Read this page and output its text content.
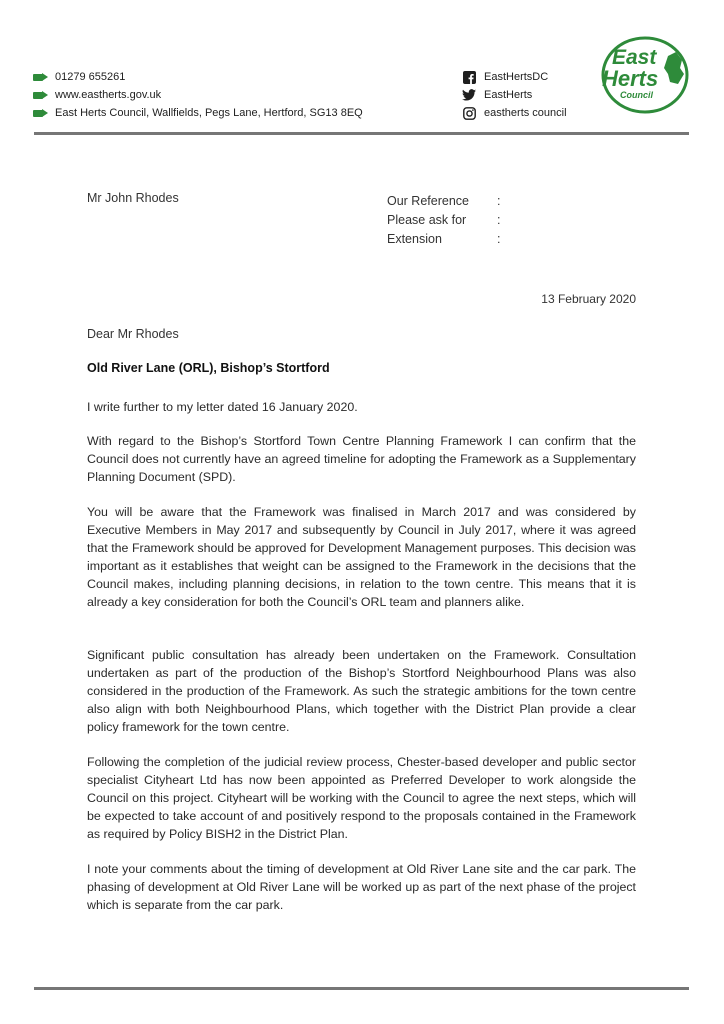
01279 655261
www.eastherts.gov.uk
East Herts Council, Wallfields, Pegs Lane, Hertford, SG13 8EQ
EastHertsDC
EastHerts
eastherts council
East
Herts
Council
Mr John Rhodes	Our Reference	:
Please ask for	:
Extension	:
13 February 2020
Dear Mr Rhodes
Old River Lane (ORL), Bishop’s Stortford

I write further to my letter dated 16 January 2020.

With regard to the Bishop’s Stortford Town Centre Planning Framework I can confirm that the Council does not currently have an agreed timeline for adopting the Framework as a Supplementary Planning Document (SPD).

You will be aware that the Framework was finalised in March 2017 and was considered by Executive Members in May 2017 and subsequently by Council in July 2017, where it was agreed that the Framework should be approved for Development Management purposes. This decision was important as it establishes that weight can be assigned to the Framework in the decisions that the Council makes, including planning decisions, in relation to the town centre. This means that it is already a key consideration for both the Council’s ORL team and planners alike.

Significant public consultation has already been undertaken on the Framework. Consultation undertaken as part of the production of the Bishop’s Stortford Neighbourhood Plans was also considered in the production of the Framework. As such the strategic ambitions for the town centre also align with both Neighbourhood Plans, which together with the District Plan provide a clear policy framework for the town centre.

Following the completion of the judicial review process, Chester-based developer and public sector specialist Cityheart Ltd has now been appointed as Preferred Developer to work alongside the Council on this project. Cityheart will be working with the Council to agree the next steps, which will be expected to take account of and positively respond to the proposals contained in the Framework as required by Policy BISH2 in the District Plan.

I note your comments about the timing of development at Old River Lane site and the car park. The phasing of development at Old River Lane will be worked up as part of the next phase of the project which is separate from the car park.
